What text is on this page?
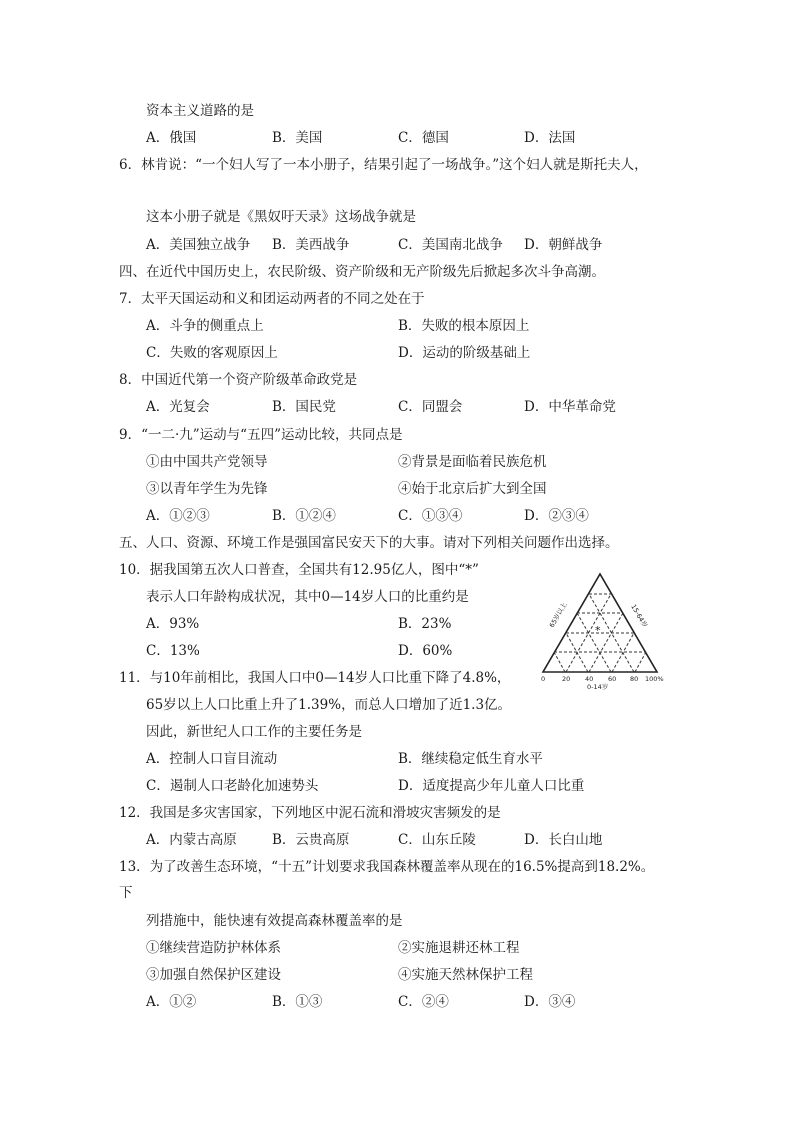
资本主义道路的是
A．俄国	B．美国	C．德国	D．法国
6．林肯说：“一个妇人写了一本小册子，结果引起了一场战争。”这个妇人就是斯托夫人，
这本小册子就是《黑奴吁天录》这场战争就是
A．美国独立战争 B．美西战争	C．美国南北战争 D．朝鲜战争
四、在近代中国历史上，农民阶级、资产阶级和无产阶级先后掀起多次斗争高潮。
7．太平天国运动和义和团运动两者的不同之处在于
A．斗争的侧重点上	B．失败的根本原因上
C．失败的客观原因上	D．运动的阶级基础上
8．中国近代第一个资产阶级革命政党是
A．光复会	B．国民党	C．同盟会	D．中华革命党
9．“一二·九”运动与“五四”运动比较，共同点是
①由中国共产党领导	②背景是面临着民族危机
③以青年学生为先锋	④始于北京后扩大到全国
A．①②③	B．①②④	C．①③④	D．②③④
五、人口、资源、环境工作是强国富民安天下的大事。请对下列相关问题作出选择。
10．据我国第五次人口普查，全国共有12.95亿人，图中“*”
表示人口年龄构成状况，其中0—14岁人口的比重约是
A．93%	B．23%
C．13%	D．60%
*
0	20 40 60 80 100%
0-14岁
65岁以上	15-64岁
11．与10年前相比，我国人口中0—14岁人口比重下降了4.8%，
65岁以上人口比重上升了1.39%，而总人口增加了近1.3亿。
因此，新世纪人口工作的主要任务是
A．控制人口盲目流动	B．继续稳定低生育水平
C．遏制人口老龄化加速势头	D．适度提高少年儿童人口比重
12．我国是多灾害国家，下列地区中泥石流和滑坡灾害频发的是
A．内蒙古高原	B．云贵高原	C．山东丘陵	D．长白山地
13．为了改善生态环境，“十五”计划要求我国森林覆盖率从现在的16.5%提高到18.2%。
下
列措施中，能快速有效提高森林覆盖率的是
①继续营造防护林体系	②实施退耕还林工程
③加强自然保护区建设	④实施天然林保护工程
A．①②	B．①③	C．②④	D．③④
